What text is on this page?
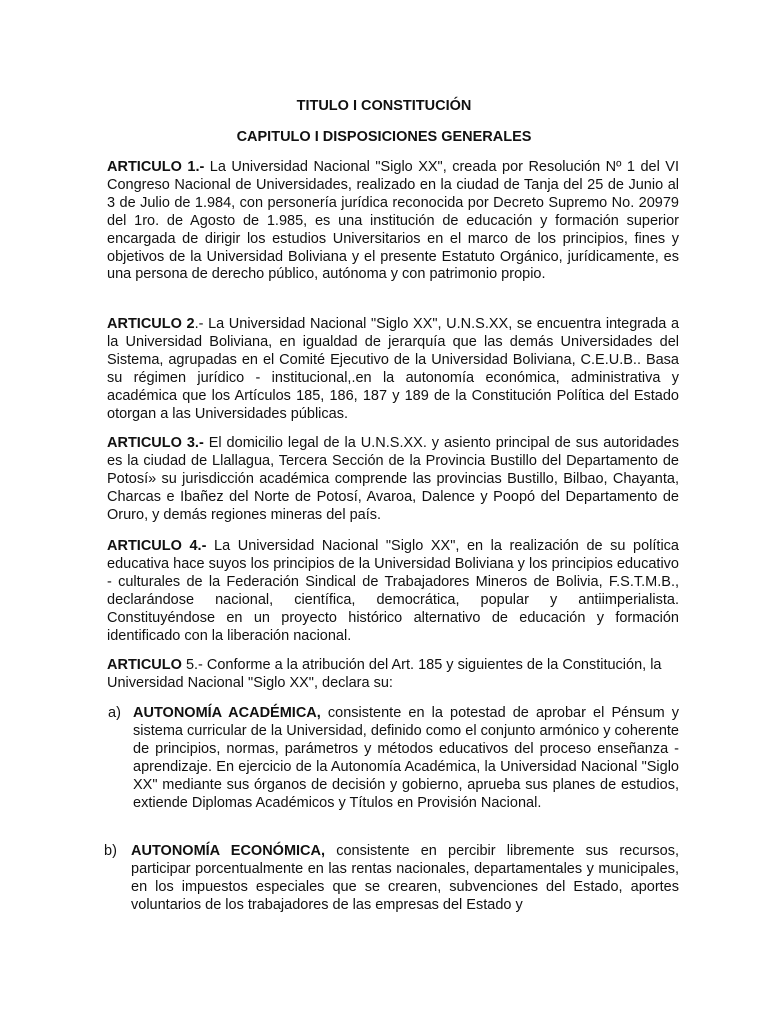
TITULO I CONSTITUCIÓN
CAPITULO I DISPOSICIONES GENERALES
ARTICULO 1.- La Universidad Nacional "Siglo XX", creada por Resolución Nº 1 del VI Congreso Nacional de Universidades, realizado en la ciudad de Tanja del 25 de Junio al 3 de Julio de 1.984, con personería jurídica reconocida por Decreto Supremo No. 20979 del 1ro. de Agosto de 1.985, es una institución de educación y formación superior encargada de dirigir los estudios Universitarios en el marco de los principios, fines y objetivos de la Universidad Boliviana y el presente Estatuto Orgánico, jurídicamente, es una persona de derecho público, autónoma y con patrimonio propio.
ARTICULO 2.- La Universidad Nacional "Siglo XX", U.N.S.XX, se encuentra integrada a la Universidad Boliviana, en igualdad de jerarquía que las demás Universidades del Sistema, agrupadas en el Comité Ejecutivo de la Universidad Boliviana, C.E.U.B.. Basa su régimen jurídico - institucional,.en la autonomía económica, administrativa y académica que los Artículos 185, 186, 187 y 189 de la Constitución Política del Estado otorgan a las Universidades públicas.
ARTICULO 3.- El domicilio legal de la U.N.S.XX. y asiento principal de sus autoridades es la ciudad de Llallagua, Tercera Sección de la Provincia Bustillo del Departamento de Potosí» su jurisdicción académica comprende las provincias Bustillo, Bilbao, Chayanta, Charcas e Ibañez del Norte de Potosí, Avaroa, Dalence y Poopó del Departamento de Oruro, y demás regiones mineras del país.
ARTICULO 4.- La Universidad Nacional "Siglo XX", en la realización de su política educativa hace suyos los principios de la Universidad Boliviana y los principios educativo - culturales de la Federación Sindical de Trabajadores Mineros de Bolivia, F.S.T.M.B., declarándose nacional, científica, democrática, popular y antiimperialista. Constituyéndose en un proyecto histórico alternativo de educación y formación identificado con la liberación nacional.
ARTICULO 5.- Conforme a la atribución del Art. 185 y siguientes de la Constitución, la Universidad Nacional "Siglo XX", declara su:
a) AUTONOMÍA ACADÉMICA, consistente en la potestad de aprobar el Pénsum y sistema curricular de la Universidad, definido como el conjunto armónico y coherente de principios, normas, parámetros y métodos educativos del proceso enseñanza - aprendizaje. En ejercicio de la Autonomía Académica, la Universidad Nacional "Siglo XX" mediante sus órganos de decisión y gobierno, aprueba sus planes de estudios, extiende Diplomas Académicos y Títulos en Provisión Nacional.
b) AUTONOMÍA ECONÓMICA, consistente en percibir libremente sus recursos, participar porcentualmente en las rentas nacionales, departamentales y municipales, en los impuestos especiales que se crearen, subvenciones del Estado, aportes voluntarios de los trabajadores de las empresas del Estado y
